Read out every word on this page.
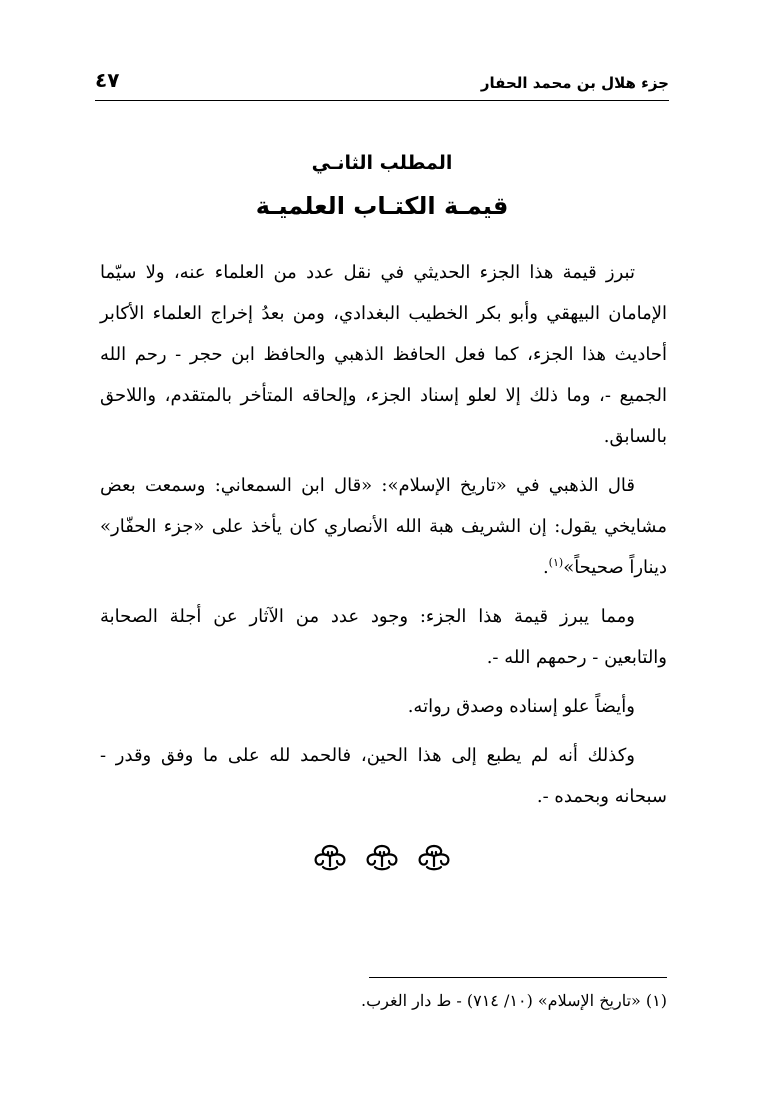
جزء هلال بن محمد الحفار
٤٧
المطلب الثانـي
قيمـة الكتـاب العلميـة

تبرز قيمة هذا الجزء الحديثي في نقل عدد من العلماء عنه، ولا سيّما الإمامان البيهقي وأبو بكر الخطيب البغدادي، ومن بعدُ إخراج العلماء الأكابر أحاديث هذا الجزء، كما فعل الحافظ الذهبي والحافظ ابن حجر - رحم الله الجميع -، وما ذلك إلا لعلو إسناد الجزء، وإلحاقه المتأخر بالمتقدم، واللاحق بالسابق.

قال الذهبي في «تاريخ الإسلام»: «قال ابن السمعاني: وسمعت بعض مشايخي يقول: إن الشريف هبة الله الأنصاري كان يأخذ على «جزء الحفّار» ديناراً صحيحاً»$^{(١)}$.

ومما يبرز قيمة هذا الجزء: وجود عدد من الآثار عن أجلة الصحابة والتابعين - رحمهم الله -.

وأيضاً علو إسناده وصدق رواته.

وكذلك أنه لم يطبع إلى هذا الحين، فالحمد لله على ما وفق وقدر - سبحانه وبحمده -.

(١) «تاريخ الإسلام» (١٠/ ٧١٤) - ط دار الغرب.
